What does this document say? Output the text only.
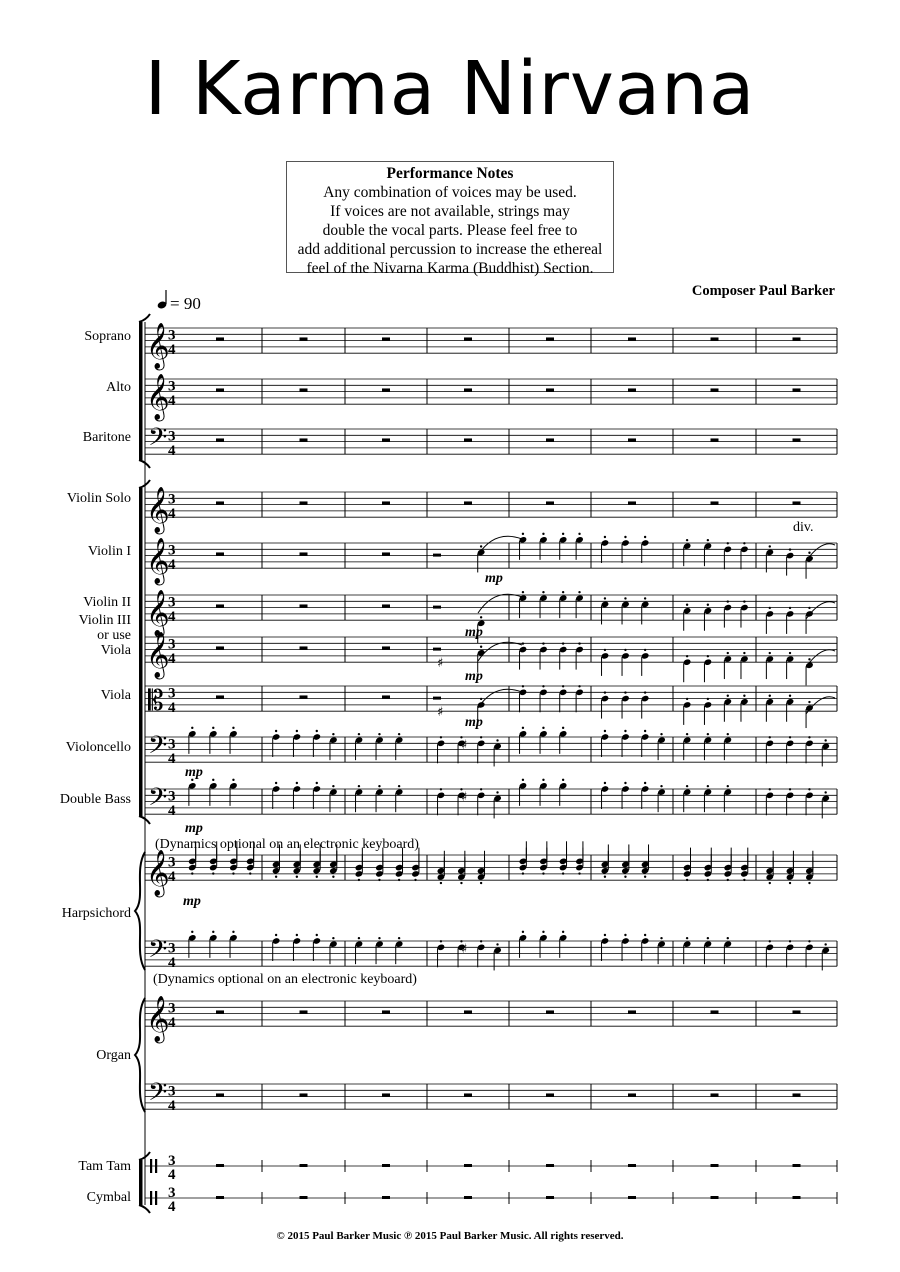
I Karma Nirvana
Performance Notes
Any combination of voices may be used.
If voices are not available, strings may
double the vocal parts. Please feel free to
add additional percussion to increase the ethereal
feel of the Nivarna Karma (Buddhist) Section.
Composer Paul Barker
= 90
𝄞
3
4
𝄞
3
4
𝄢 3
4
𝄞
3
4
𝄞
3
4
𝄞
3
4
𝄞
3
4
𝄡 3
4
𝄢 3
4
𝄢 3
4
𝄞
3
4
𝄢 3
4
𝄞
3
4
𝄢 3
4
3
4
3
4
Soprano
Alto
Baritone
Violin Solo
Violin I
Violin II
Violin III or use Viola
Viola
Violoncello
Double Bass
Harpsichord
Organ
Tam Tam
Cymbal
♯
♯
♯
♯
♯
mp
mp
mp
mp
mp
mp
mp
(Dynamics optional on an electronic keyboard)
(Dynamics optional on an electronic keyboard)
div.
© 2015 Paul Barker Music ℗ 2015 Paul Barker Music. All rights reserved.
